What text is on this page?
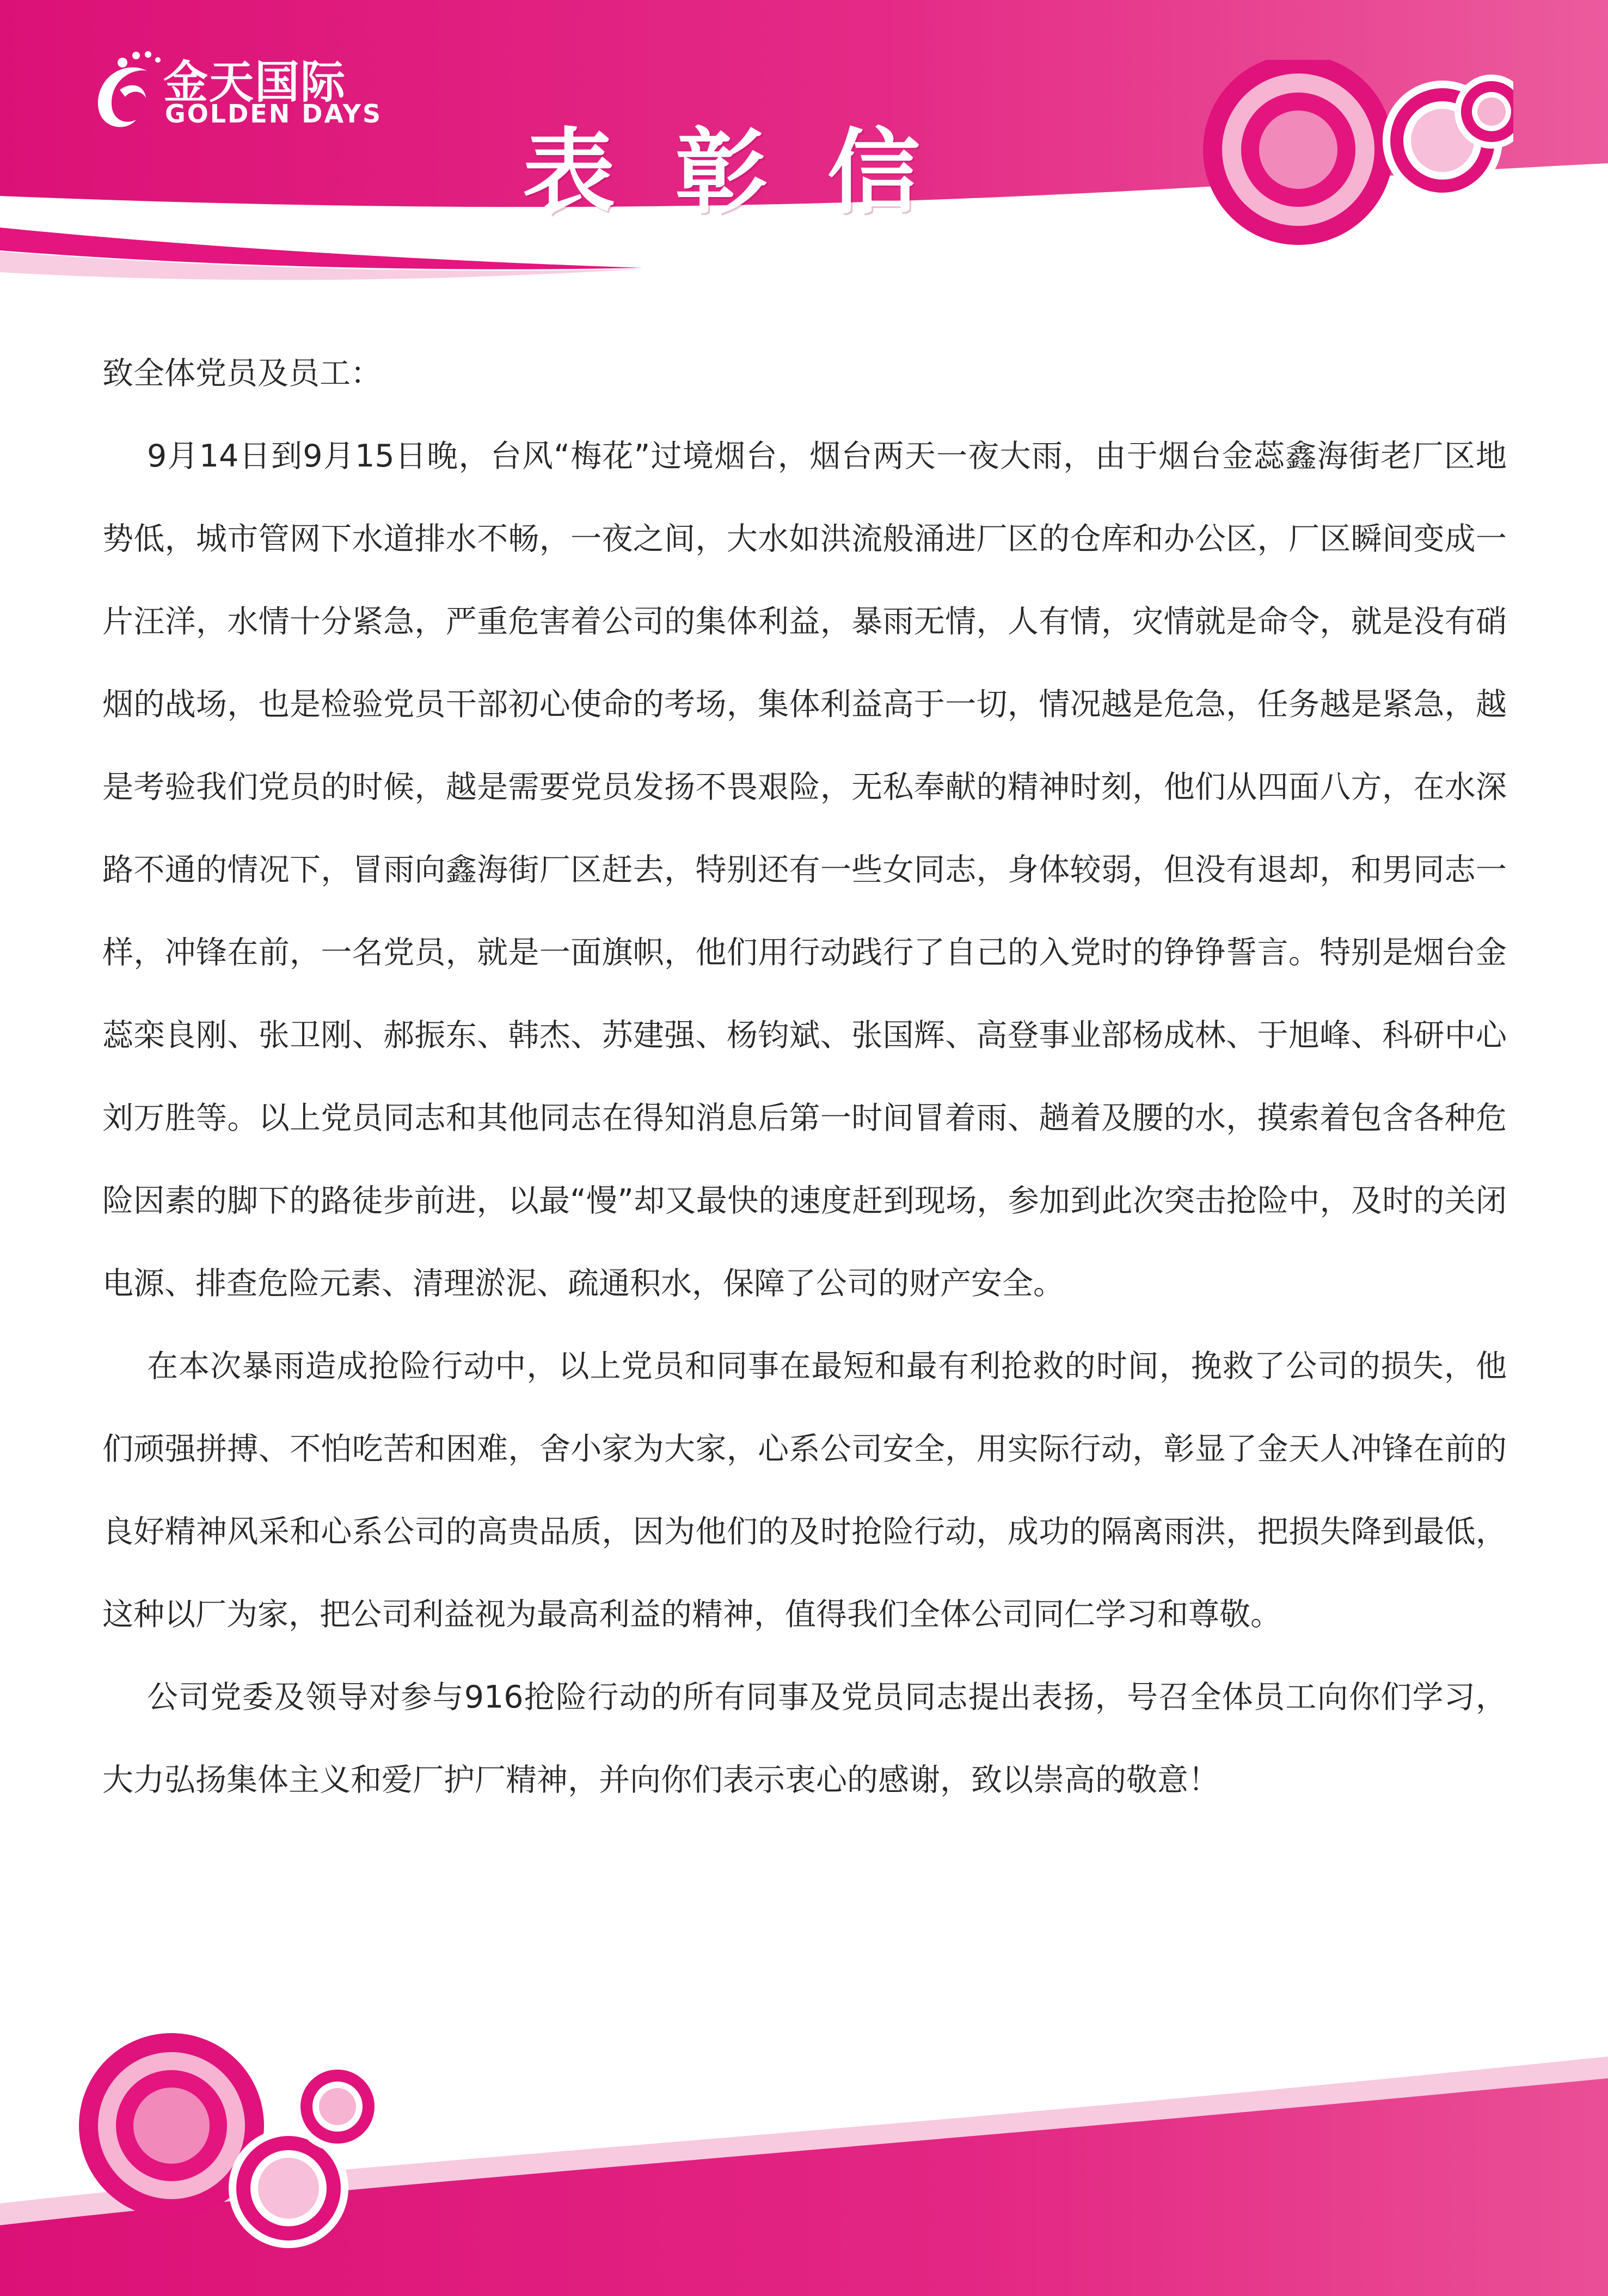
金天国际
GOLDEN DAYS
表彰信

致全体党员及员工：

9月14日到9月15日晚，台风“梅花”过境烟台，烟台两天一夜大雨，由于烟台金蕊鑫海街老厂区地势低，城市管网下水道排水不畅，一夜之间，大水如洪流般涌进厂区的仓库和办公区，厂区瞬间变成一片汪洋，水情十分紧急，严重危害着公司的集体利益，暴雨无情，人有情，灾情就是命令，就是没有硝烟的战场，也是检验党员干部初心使命的考场，集体利益高于一切，情况越是危急，任务越是紧急，越是考验我们党员的时候，越是需要党员发扬不畏艰险，无私奉献的精神时刻，他们从四面八方，在水深路不通的情况下，冒雨向鑫海街厂区赶去，特别还有一些女同志，身体较弱，但没有退却，和男同志一样，冲锋在前，一名党员，就是一面旗帜，他们用行动践行了自己的入党时的铮铮誓言。特别是烟台金蕊栾良刚、张卫刚、郝振东、韩杰、苏建强、杨钧斌、张国辉、高登事业部杨成林、于旭峰、科研中心刘万胜等。以上党员同志和其他同志在得知消息后第一时间冒着雨、趟着及腰的水，摸索着包含各种危险因素的脚下的路徒步前进，以最“慢”却又最快的速度赶到现场，参加到此次突击抢险中，及时的关闭电源、排查危险元素、清理淤泥、疏通积水，保障了公司的财产安全。

在本次暴雨造成抢险行动中，以上党员和同事在最短和最有利抢救的时间，挽救了公司的损失，他们顽强拼搏、不怕吃苦和困难，舍小家为大家，心系公司安全，用实际行动，彰显了金天人冲锋在前的良好精神风采和心系公司的高贵品质，因为他们的及时抢险行动，成功的隔离雨洪，把损失降到最低，这种以厂为家，把公司利益视为最高利益的精神，值得我们全体公司同仁学习和尊敬。

公司党委及领导对参与916抢险行动的所有同事及党员同志提出表扬，号召全体员工向你们学习，大力弘扬集体主义和爱厂护厂精神，并向你们表示衷心的感谢，致以崇高的敬意！
